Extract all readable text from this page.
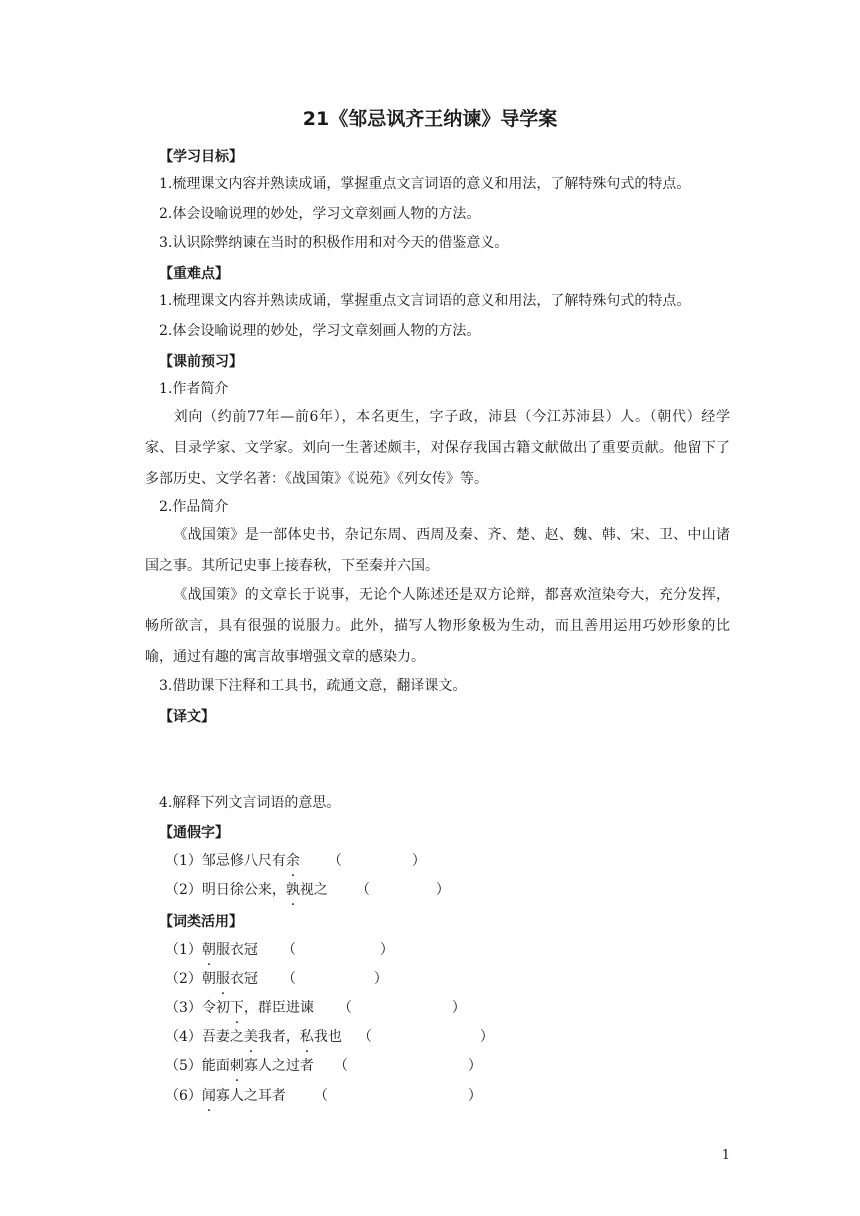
21《邹忌讽齐王纳谏》导学案
【学习目标】
1.梳理课文内容并熟读成诵，掌握重点文言词语的意义和用法，了解特殊句式的特点。
2.体会设喻说理的妙处，学习文章刻画人物的方法。
3.认识除弊纳谏在当时的积极作用和对今天的借鉴意义。
【重难点】
1.梳理课文内容并熟读成诵，掌握重点文言词语的意义和用法，了解特殊句式的特点。
2.体会设喻说理的妙处，学习文章刻画人物的方法。
【课前预习】
1.作者简介
刘向（约前77年—前6年），本名更生，字子政，沛县（今江苏沛县）人。（朝代）经学家、目录学家、文学家。刘向一生著述颇丰，对保存我国古籍文献做出了重要贡献。他留下了多部历史、文学名著：《战国策》《说苑》《列女传》等。
2.作品简介
《战国策》是一部体史书，杂记东周、西周及秦、齐、楚、赵、魏、韩、宋、卫、中山诸国之事。其所记史事上接春秋，下至秦并六国。
《战国策》的文章长于说事，无论个人陈述还是双方论辩，都喜欢渲染夸大，充分发挥，畅所欲言，具有很强的说服力。此外，描写人物形象极为生动，而且善用运用巧妙形象的比喻，通过有趣的寓言故事增强文章的感染力。
3.借助课下注释和工具书，疏通文意，翻译课文。
【译文】
4.解释下列文言词语的意思。
【通假字】
（1）邹忌修八尺有余 （	）
（2）明日徐公来，孰视之 （	）
【词类活用】
（1）朝服衣冠 （	）
（2）朝服衣冠 （	）
（3）令初下，群臣进谏 （	）
（4）吾妻之美我者，私我也 （	）
（5）能面刺寡人之过者 （	）
（6）闻寡人之耳者 （	）
1
